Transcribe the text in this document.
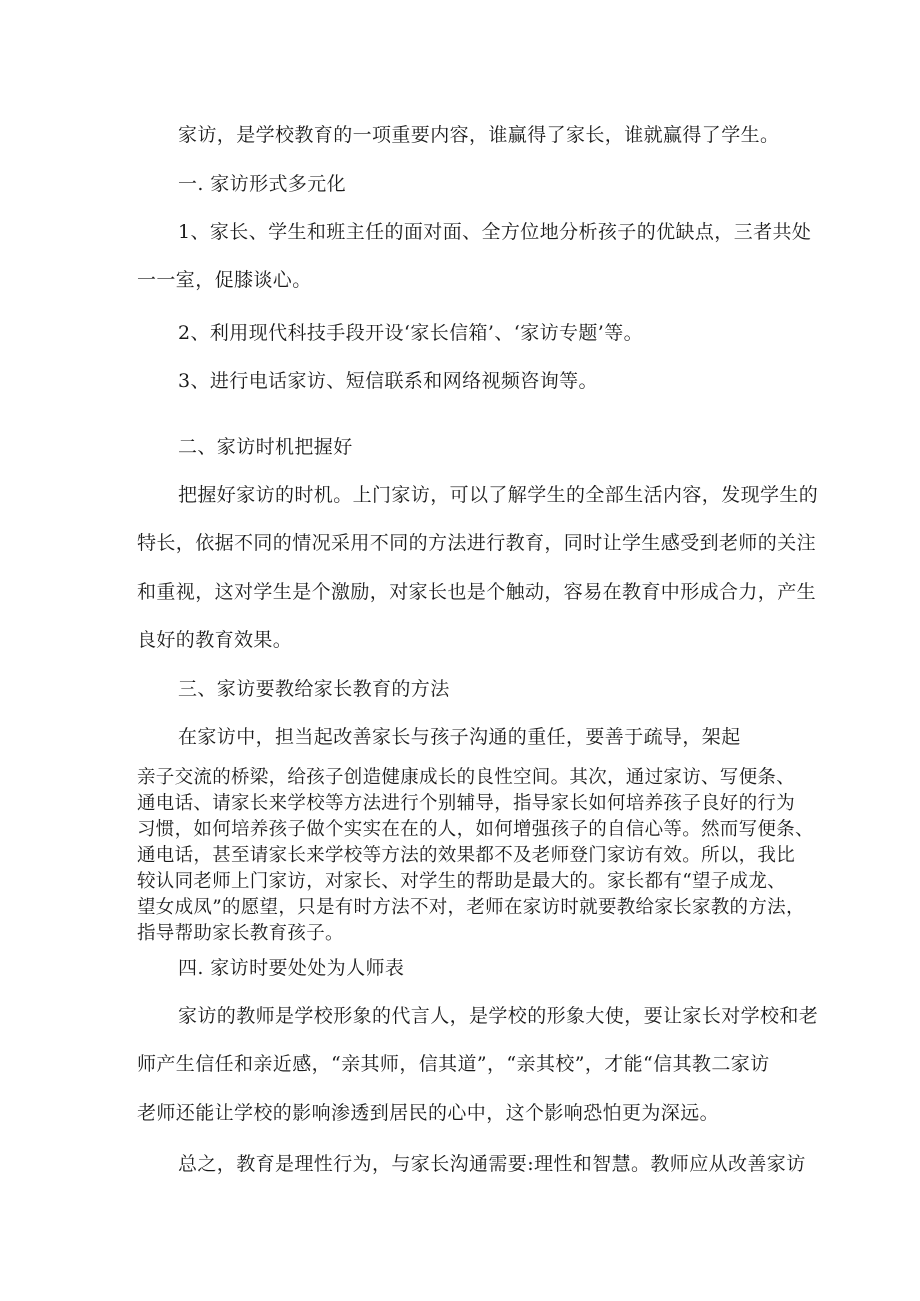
家访，是学校教育的一项重要内容，谁赢得了家长，谁就赢得了学生。
一. 家访形式多元化
1、家长、学生和班主任的面对面、全方位地分析孩子的优缺点，三者共处
一一室，促膝谈心。
2、利用现代科技手段开设‘家长信箱’、‘家访专题’等。
3、进行电话家访、短信联系和网络视频咨询等。
二、家访时机把握好
把握好家访的时机。上门家访，可以了解学生的全部生活内容，发现学生的
特长，依据不同的情况采用不同的方法进行教育，同时让学生感受到老师的关注
和重视，这对学生是个激励，对家长也是个触动，容易在教育中形成合力，产生
良好的教育效果。
三、家访要教给家长教育的方法
在家访中，担当起改善家长与孩子沟通的重任，要善于疏导，架起
亲子交流的桥梁，给孩子创造健康成长的良性空间。其次，通过家访、写便条、
通电话、请家长来学校等方法进行个别辅导，指导家长如何培养孩子良好的行为
习惯，如何培养孩子做个实实在在的人，如何增强孩子的自信心等。然而写便条、
通电话，甚至请家长来学校等方法的效果都不及老师登门家访有效。所以，我比
较认同老师上门家访，对家长、对学生的帮助是最大的。家长都有“望子成龙、
望女成凤”的愿望，只是有时方法不对，老师在家访时就要教给家长家教的方法，
指导帮助家长教育孩子。
四. 家访时要处处为人师表
家访的教师是学校形象的代言人，是学校的形象大使，要让家长对学校和老
师产生信任和亲近感，“亲其师，信其道”，“亲其校”，才能“信其教二家访
老师还能让学校的影响渗透到居民的心中，这个影响恐怕更为深远。
总之，教育是理性行为，与家长沟通需要:理性和智慧。教师应从改善家访
